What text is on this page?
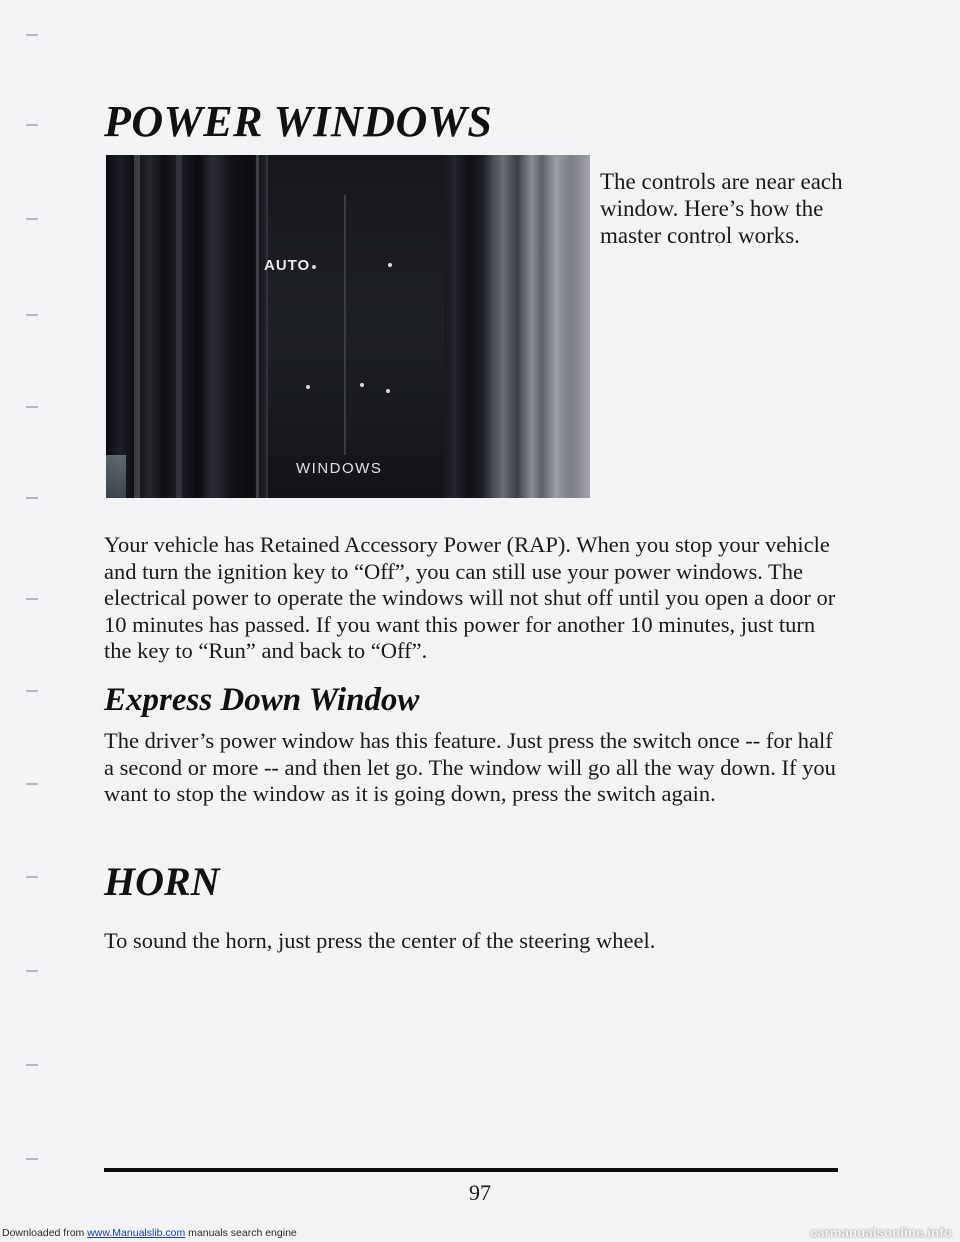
POWER WINDOWS
AUTO
WINDOWS

The controls are near each window. Here’s how the master control works.

Your vehicle has Retained Accessory Power (RAP). When you stop your vehicle and turn the ignition key to “Off”, you can still use your power windows. The electrical power to operate the windows will not shut off until you open a door or 10 minutes has passed. If you want this power for another 10 minutes, just turn the key to “Run” and back to “Off”.

Express Down Window

The driver’s power window has this feature. Just press the switch once -- for half a second or more -- and then let go. The window will go all the way down. If you want to stop the window as it is going down, press the switch again.

HORN

To sound the horn, just press the center of the steering wheel.

97
Downloaded from www.Manualslib.com manuals search engine	carmanualsonline.info
